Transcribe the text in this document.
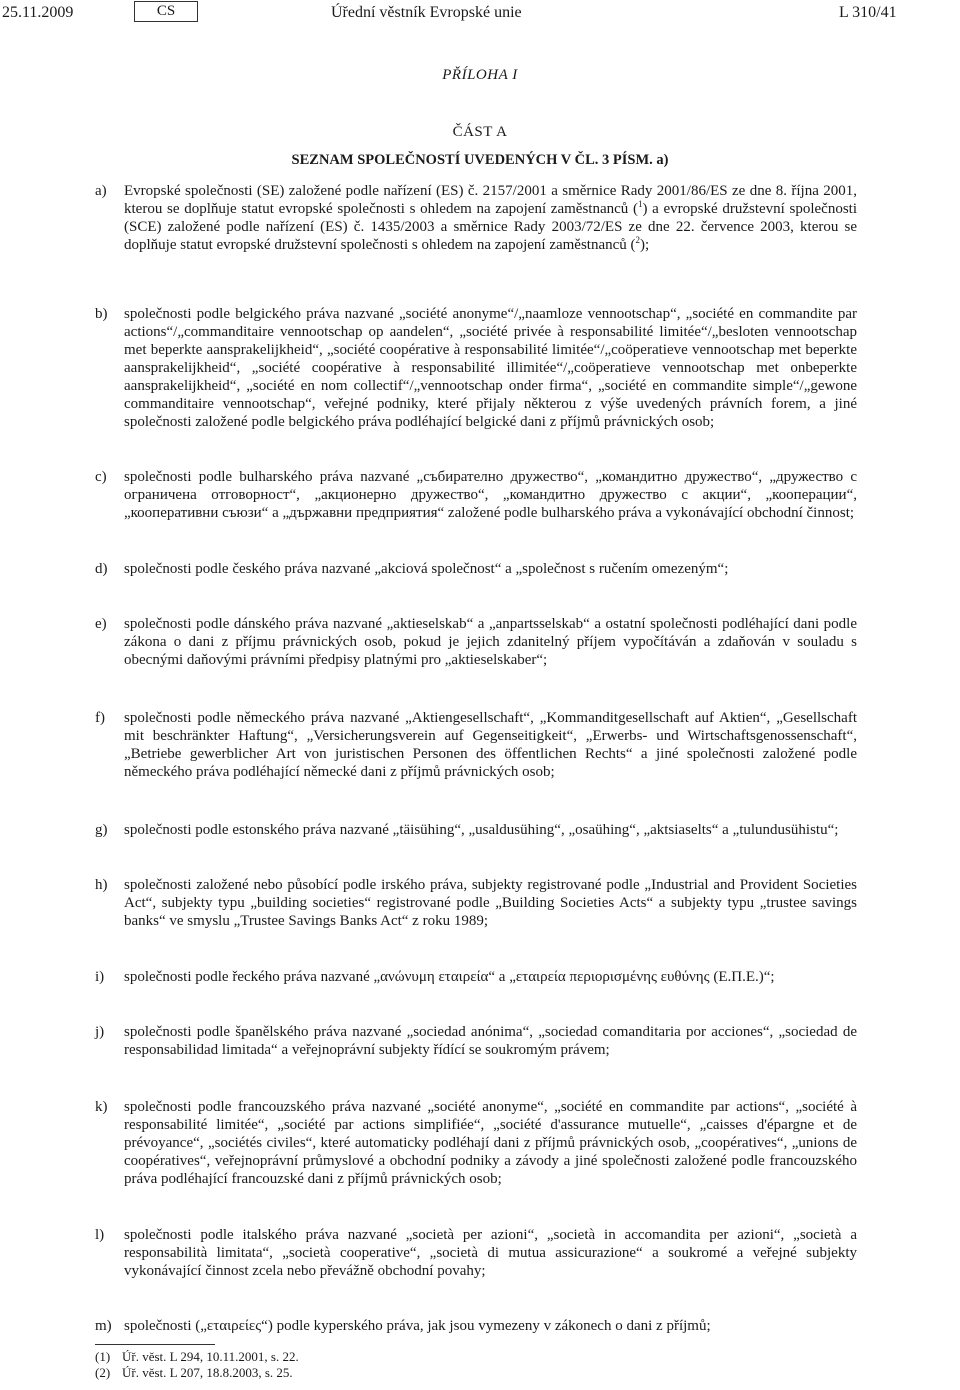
25.11.2009	CS	Úřední věstník Evropské unie	L 310/41
PŘÍLOHA I
ČÁST A
SEZNAM SPOLEČNOSTÍ UVEDENÝCH V ČL. 3 PÍSM. a)
a)	Evropské společnosti (SE) založené podle nařízení (ES) č. 2157/2001 a směrnice Rady 2001/86/ES ze dne 8. října 2001, kterou se doplňuje statut evropské společnosti s ohledem na zapojení zaměstnanců ($^1$) a evropské družstevní společnosti (SCE) založené podle nařízení (ES) č. 1435/2003 a směrnice Rady 2003/72/ES ze dne 22. července 2003, kterou se doplňuje statut evropské družstevní společnosti s ohledem na zapojení zaměstnanců ($^2$);
b)	společnosti podle belgického práva nazvané „société anonyme“/„naamloze vennootschap“, „société en commandite par actions“/„commanditaire vennootschap op aandelen“, „société privée à responsabilité limitée“/„besloten vennootschap met beperkte aansprakelijkheid“, „société coopérative à responsabilité limitée“/„coöperatieve vennootschap met beperkte aansprakelijkheid“, „société coopérative à responsabilité illimitée“/„coöperatieve vennootschap met onbeperkte aansprakelijkheid“, „société en nom collectif“/„vennootschap onder firma“, „société en commandite simple“/„gewone commanditaire vennootschap“, veřejné podniky, které přijaly některou z výše uvedených právních forem, a jiné společnosti založené podle belgického práva podléhající belgické dani z příjmů právnických osob;
c)	společnosti podle bulharského práva nazvané „събирателно дружество“, „командитно дружество“, „дружество с ограничена отговорност“, „акционерно дружество“, „командитно дружество с акции“, „кооперации“, „кооперативни съюзи“ a „държавни предприятия“ založené podle bulharského práva a vykonávající obchodní činnost;
d)	společnosti podle českého práva nazvané „akciová společnost“ a „společnost s ručením omezeným“;
e)	společnosti podle dánského práva nazvané „aktieselskab“ a „anpartsselskab“ a ostatní společnosti podléhající dani podle zákona o dani z příjmu právnických osob, pokud je jejich zdanitelný příjem vypočítáván a zdaňován v souladu s obecnými daňovými právními předpisy platnými pro „aktieselskaber“;
f)	společnosti podle německého práva nazvané „Aktiengesellschaft“, „Kommanditgesellschaft auf Aktien“, „Gesellschaft mit beschränkter Haftung“, „Versicherungsverein auf Gegenseitigkeit“, „Erwerbs- und Wirtschaftsgenossenschaft“, „Betriebe gewerblicher Art von juristischen Personen des öffentlichen Rechts“ a jiné společnosti založené podle německého práva podléhající německé dani z příjmů právnických osob;
g)	společnosti podle estonského práva nazvané „täisühing“, „usaldusühing“, „osaühing“, „aktsiaselts“ a „tulundusühistu“;
h)	společnosti založené nebo působící podle irského práva, subjekty registrované podle „Industrial and Provident Societies Act“, subjekty typu „building societies“ registrované podle „Building Societies Acts“ a subjekty typu „trustee savings banks“ ve smyslu „Trustee Savings Banks Act“ z roku 1989;
i)	společnosti podle řeckého práva nazvané „ανώνυμη εταιρεία“ a „εταιρεία περιορισμένης ευθύνης (Ε.Π.Ε.)“;
j)	společnosti podle španělského práva nazvané „sociedad anónima“, „sociedad comanditaria por acciones“, „sociedad de responsabilidad limitada“ a veřejnoprávní subjekty řídící se soukromým právem;
k)	společnosti podle francouzského práva nazvané „société anonyme“, „société en commandite par actions“, „société à responsabilité limitée“, „société par actions simplifiée“, „société d'assurance mutuelle“, „caisses d'épargne et de prévoyance“, „sociétés civiles“, které automaticky podléhají dani z příjmů právnických osob, „coopératives“, „unions de coopératives“, veřejnoprávní průmyslové a obchodní podniky a závody a jiné společnosti založené podle francouzského práva podléhající francouzské dani z příjmů právnických osob;
l)	společnosti podle italského práva nazvané „società per azioni“, „società in accomandita per azioni“, „società a responsabilità limitata“, „società cooperative“, „società di mutua assicurazione“ a soukromé a veřejné subjekty vykonávající činnost zcela nebo převážně obchodní povahy;
m) společnosti („εταιρείες“) podle kyperského práva, jak jsou vymezeny v zákonech o dani z příjmů;
(1) Úř. věst. L 294, 10.11.2001, s. 22.
(2) Úř. věst. L 207, 18.8.2003, s. 25.
